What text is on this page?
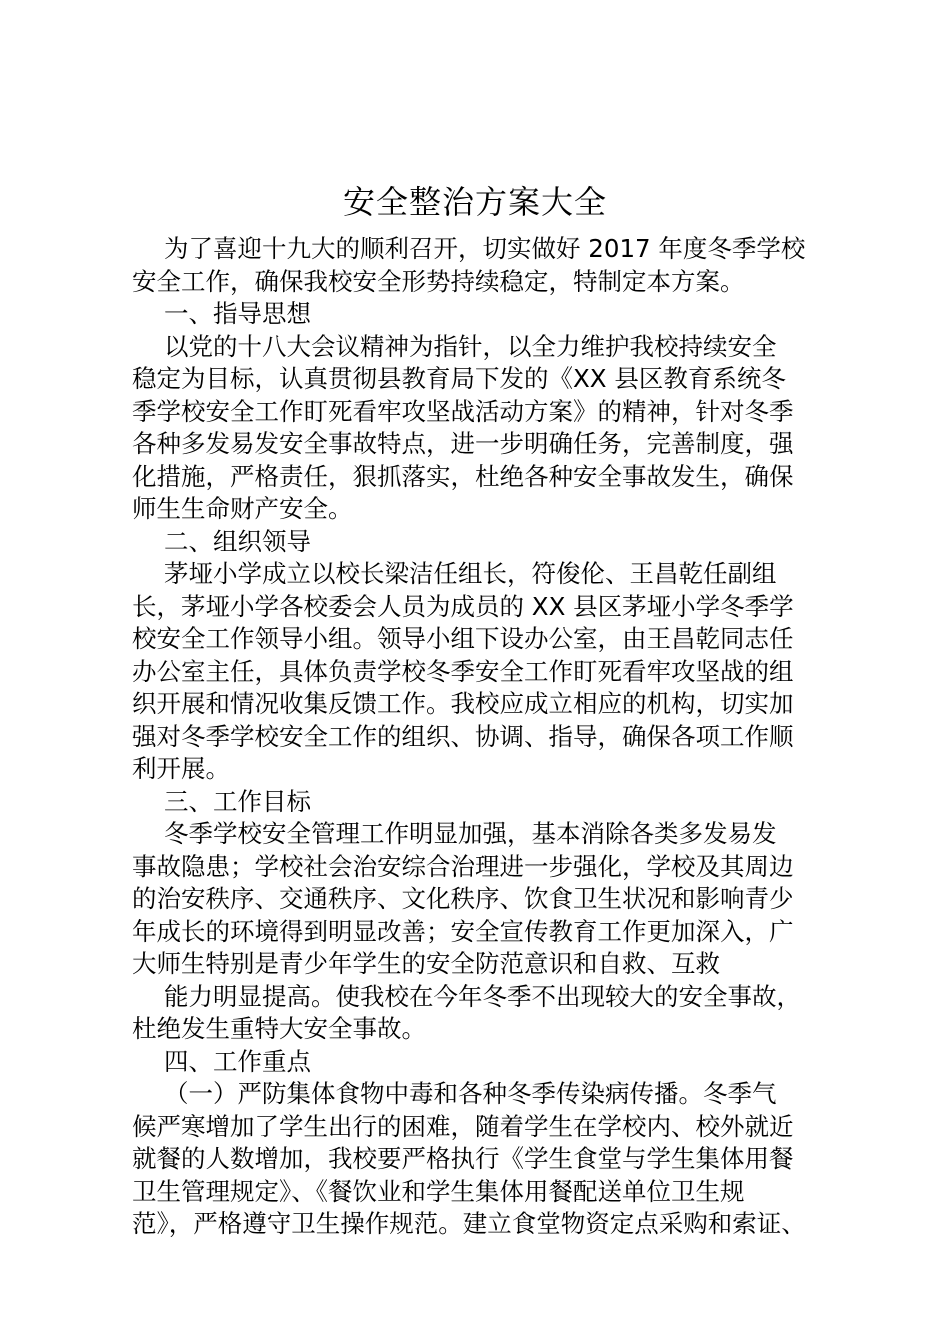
安全整治方案大全

为了喜迎十九大的顺利召开，切实做好 2017 年度冬季学校

安全工作，确保我校安全形势持续稳定，特制定本方案。

一、指导思想

以党的十八大会议精神为指针，以全力维护我校持续安全

稳定为目标，认真贯彻县教育局下发的《XX 县区教育系统冬

季学校安全工作盯死看牢攻坚战活动方案》的精神，针对冬季

各种多发易发安全事故特点，进一步明确任务，完善制度，强

化措施，严格责任，狠抓落实，杜绝各种安全事故发生，确保

师生生命财产安全。

二、组织领导

茅垭小学成立以校长梁洁任组长，符俊伦、王昌乾任副组

长，茅垭小学各校委会人员为成员的 XX 县区茅垭小学冬季学

校安全工作领导小组。领导小组下设办公室，由王昌乾同志任

办公室主任，具体负责学校冬季安全工作盯死看牢攻坚战的组

织开展和情况收集反馈工作。我校应成立相应的机构，切实加

强对冬季学校安全工作的组织、协调、指导，确保各项工作顺

利开展。

三、工作目标

冬季学校安全管理工作明显加强，基本消除各类多发易发

事故隐患；学校社会治安综合治理进一步强化，学校及其周边

的治安秩序、交通秩序、文化秩序、饮食卫生状况和影响青少

年成长的环境得到明显改善；安全宣传教育工作更加深入，广

大师生特别是青少年学生的安全防范意识和自救、互救

能力明显提高。使我校在今年冬季不出现较大的安全事故，

杜绝发生重特大安全事故。

四、工作重点

（一）严防集体食物中毒和各种冬季传染病传播。冬季气

候严寒增加了学生出行的困难，随着学生在学校内、校外就近

就餐的人数增加，我校要严格执行《学生食堂与学生集体用餐

卫生管理规定》、《餐饮业和学生集体用餐配送单位卫生规

范》，严格遵守卫生操作规范。建立食堂物资定点采购和索证、
